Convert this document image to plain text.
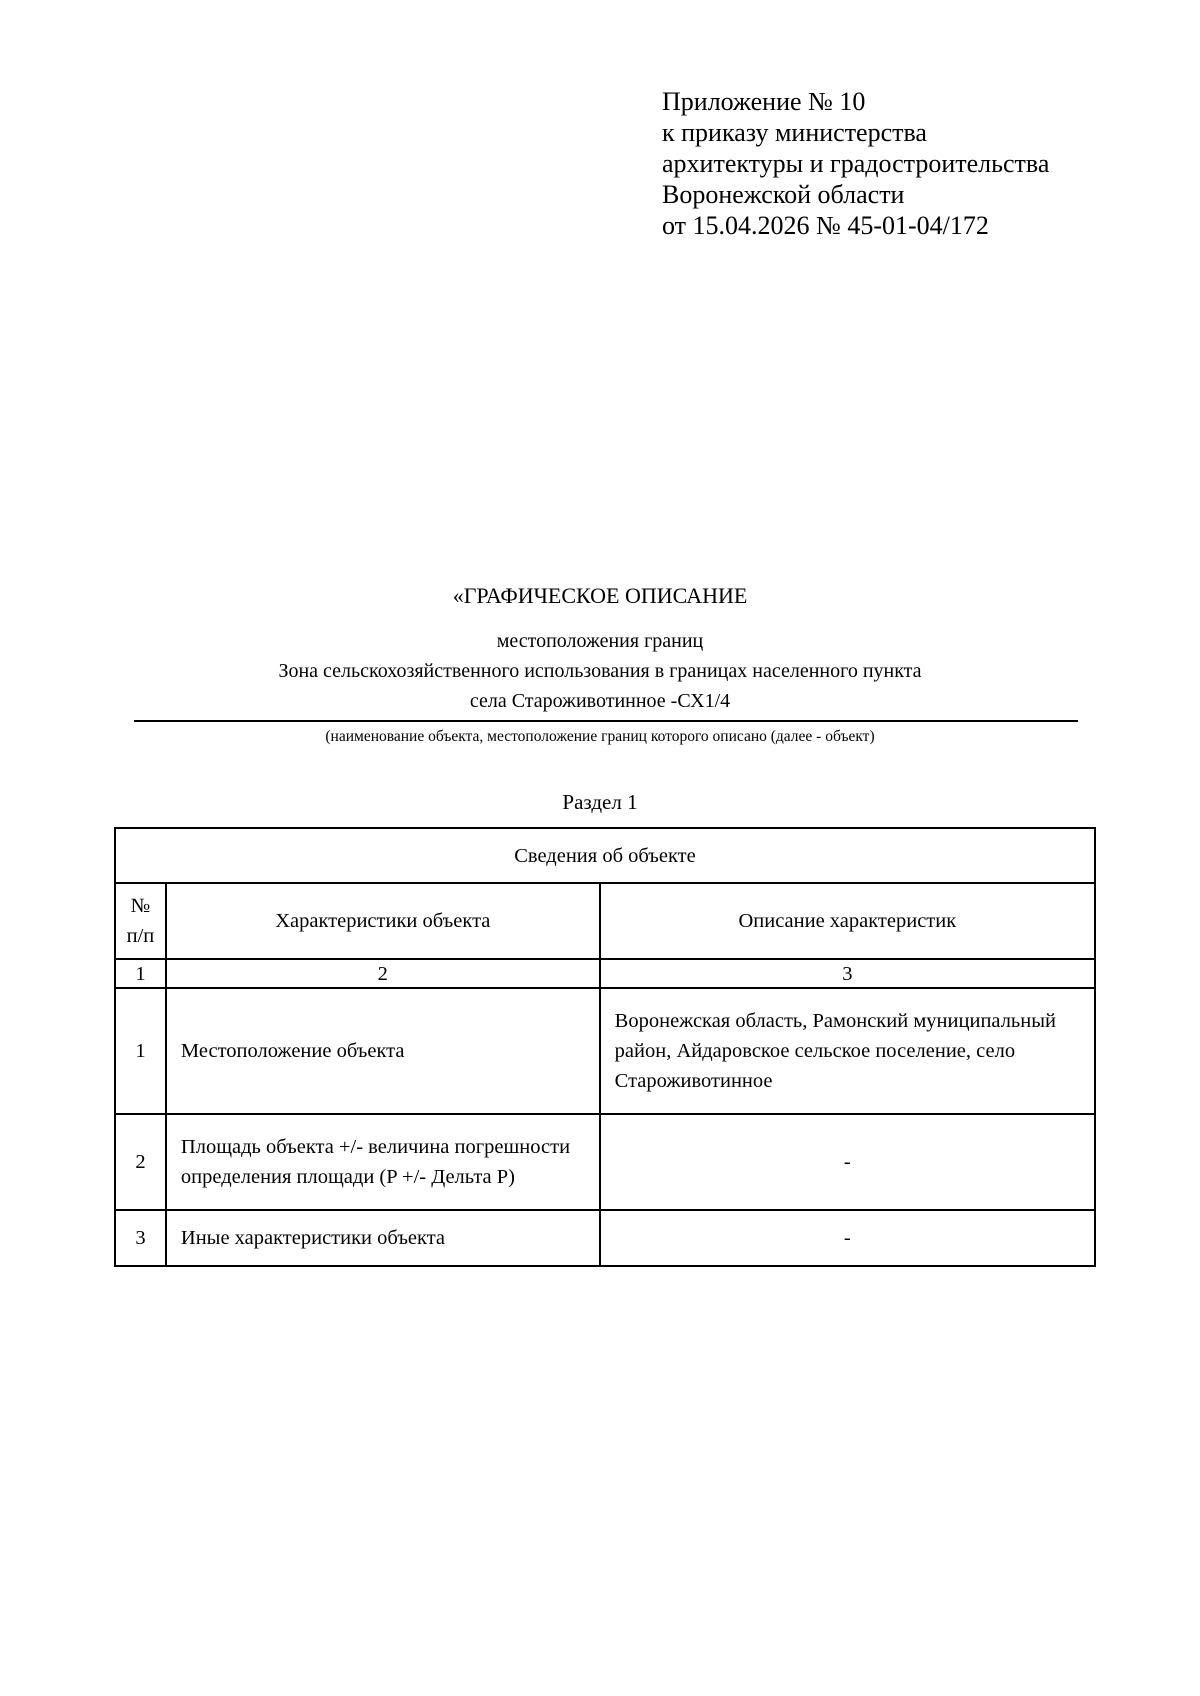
Приложение № 10
к приказу министерства
архитектуры и градостроительства
Воронежской области
от 15.04.2026 № 45-01-04/172
«ГРАФИЧЕСКОЕ ОПИСАНИЕ
местоположения границ
Зона сельскохозяйственного использования в границах населенного пункта
села Староживотинное -СХ1/4
(наименование объекта, местоположение границ которого описано (далее - объект)
Раздел 1
Сведения об объекте		
№ п/п	Характеристики объекта	Описание характеристик
1	2	3
1	Местоположение объекта	Воронежская область, Рамонский муниципальный район, Айдаровское сельское поселение, село Староживотинное
2	Площадь объекта +/- величина погрешности определения площади (P +/- Дельта P)	-
3	Иные характеристики объекта	-
